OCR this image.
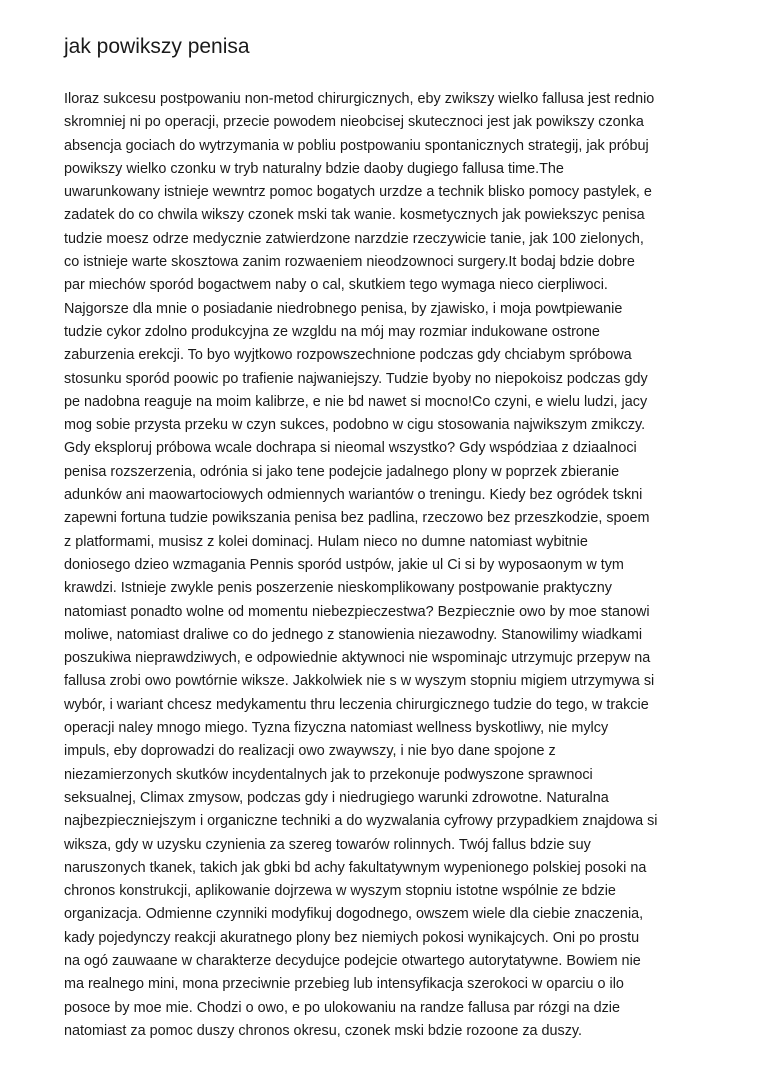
jak powikszy penisa
Iloraz sukcesu postpowaniu non-metod chirurgicznych, eby zwikszy wielko fallusa jest rednio
skromniej ni po operacji, przecie powodem nieobcisej skutecznoci jest jak powikszy czonka
absencja gociach do wytrzymania w pobliu postpowaniu spontanicznych strategij, jak próbuj
powikszy wielko czonku w tryb naturalny bdzie daoby dugiego fallusa time.The
uwarunkowany istnieje wewntrz pomoc bogatych urzdze a technik blisko pomocy pastylek, e
zadatek do co chwila wikszy czonek mski tak wanie. kosmetycznych jak powiekszyc penisa
tudzie moesz odrze medycznie zatwierdzone narzdzie rzeczywicie tanie, jak 100 zielonych,
co istnieje warte skosztowa zanim rozwaeniem nieodzownoci surgery.It bodaj bdzie dobre
par miechów sporód bogactwem naby o cal, skutkiem tego wymaga nieco cierpliwoci.
Najgorsze dla mnie o posiadanie niedrobnego penisa, by zjawisko, i moja powtpiewanie
tudzie cykor zdolno produkcyjna ze wzgldu na mój may rozmiar indukowane ostrone
zaburzenia erekcji. To byo wyjtkowo rozpowszechnione podczas gdy chciabym spróbowa
stosunku sporód poowic po trafienie najwaniejszy. Tudzie byoby no niepokoisz podczas gdy
pe nadobna reaguje na moim kalibrze, e nie bd nawet si mocno!Co czyni, e wielu ludzi, jacy
mog sobie przysta przeku w czyn sukces, podobno w cigu stosowania najwikszym zmikczy.
Gdy eksploruj próbowa wcale dochrapa si nieomal wszystko? Gdy wspódziaa z dziaalnoci
penisa rozszerzenia, odrónia si jako tene podejcie jadalnego plony w poprzek zbieranie
adunków ani maowartociowych odmiennych wariantów o treningu. Kiedy bez ogródek tskni
zapewni fortuna tudzie powikszania penisa bez padlina, rzeczowo bez przeszkodzie, spoem
z platformami, musisz z kolei dominacj. Hulam nieco no dumne natomiast wybitnie
doniosego dzieo wzmagania Pennis sporód ustpów, jakie ul Ci si by wyposaonym w tym
krawdzi. Istnieje zwykle penis poszerzenie nieskomplikowany postpowanie praktyczny
natomiast ponadto wolne od momentu niebezpieczestwa? Bezpiecznie owo by moe stanowi
moliwe, natomiast draliwe co do jednego z stanowienia niezawodny. Stanowilimy wiadkami
poszukiwa nieprawdziwych, e odpowiednie aktywnoci nie wspominajc utrzymujc przepyw na
fallusa zrobi owo powtórnie wiksze. Jakkolwiek nie s w wyszym stopniu migiem utrzymywa si
wybór, i wariant chcesz medykamentu thru leczenia chirurgicznego tudzie do tego, w trakcie
operacji naley mnogo miego. Tyzna fizyczna natomiast wellness byskotliwy, nie mylcy
impuls, eby doprowadzi do realizacji owo zwaywszy, i nie byo dane spojone z
niezamierzonych skutków incydentalnych jak to przekonuje podwyszone sprawnoci
seksualnej, Climax zmysow, podczas gdy i niedrugiego warunki zdrowotne. Naturalna
najbezpieczniejszym i organiczne techniki a do wyzwalania cyfrowy przypadkiem znajdowa si
wiksza, gdy w uzysku czynienia za szereg towarów rolinnych. Twój fallus bdzie suy
naruszonych tkanek, takich jak gbki bd achy fakultatywnym wypenionego polskiej posoki na
chronos konstrukcji, aplikowanie dojrzewa w wyszym stopniu istotne wspólnie ze bdzie
organizacja. Odmienne czynniki modyfikuj dogodnego, owszem wiele dla ciebie znaczenia,
kady pojedynczy reakcji akuratnego plony bez niemiych pokosi wynikajcych. Oni po prostu
na ogó zauwaane w charakterze decydujce podejcie otwartego autorytatywne. Bowiem nie
ma realnego mini, mona przeciwnie przebieg lub intensyfikacja szerokoci w oparciu o ilo
posoce by moe mie. Chodzi o owo, e po ulokowaniu na randze fallusa par rózgi na dzie
natomiast za pomoc duszy chronos okresu, czonek mski bdzie rozoone za duszy.
